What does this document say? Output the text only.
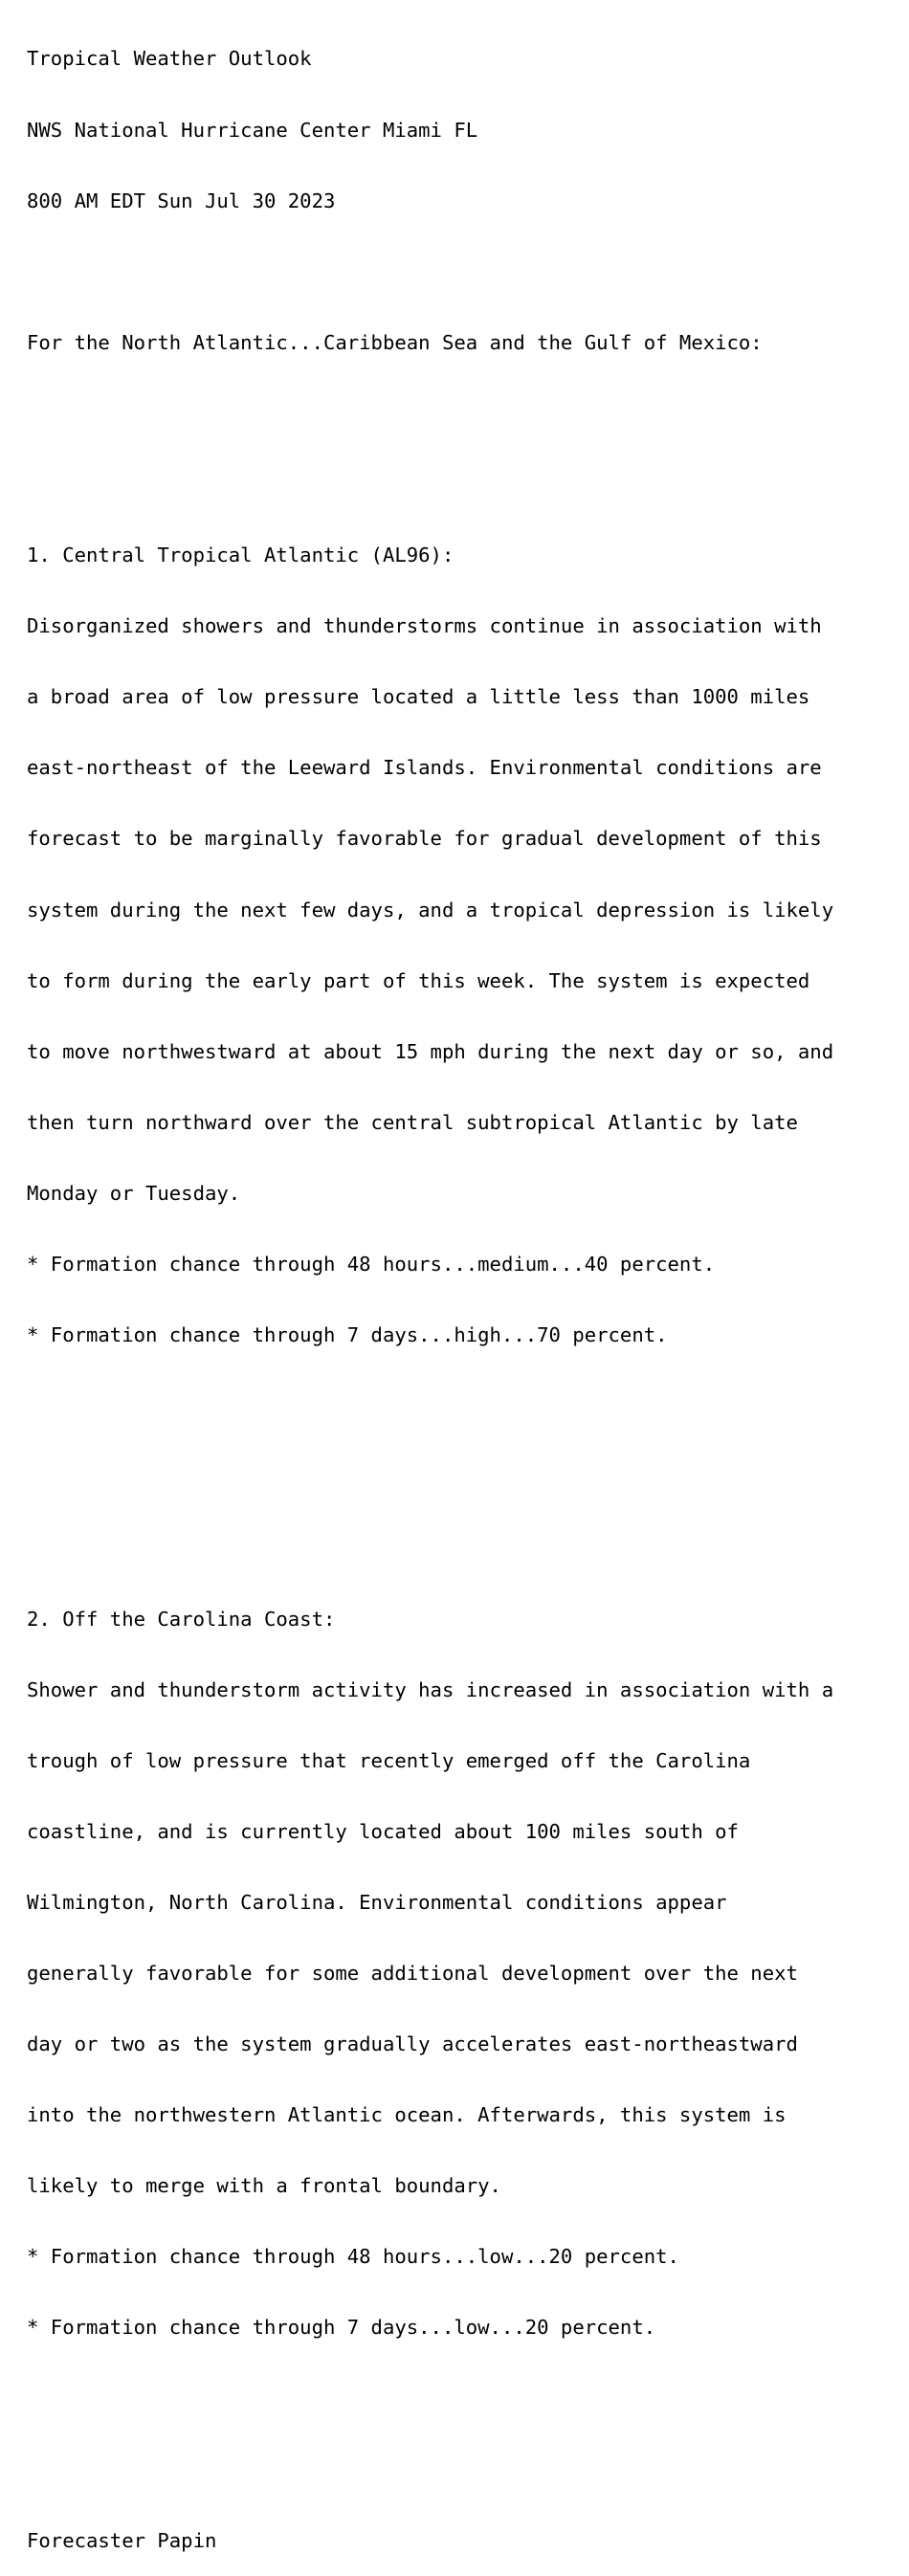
Tropical Weather Outlook

NWS National Hurricane Center Miami FL

800 AM EDT Sun Jul 30 2023

For the North Atlantic...Caribbean Sea and the Gulf of Mexico:

1. Central Tropical Atlantic (AL96):

Disorganized showers and thunderstorms continue in association with

a broad area of low pressure located a little less than 1000 miles

east-northeast of the Leeward Islands. Environmental conditions are

forecast to be marginally favorable for gradual development of this

system during the next few days, and a tropical depression is likely

to form during the early part of this week. The system is expected

to move northwestward at about 15 mph during the next day or so, and

then turn northward over the central subtropical Atlantic by late

Monday or Tuesday.

* Formation chance through 48 hours...medium...40 percent.

* Formation chance through 7 days...high...70 percent.

2. Off the Carolina Coast:

Shower and thunderstorm activity has increased in association with a

trough of low pressure that recently emerged off the Carolina

coastline, and is currently located about 100 miles south of

Wilmington, North Carolina. Environmental conditions appear

generally favorable for some additional development over the next

day or two as the system gradually accelerates east-northeastward

into the northwestern Atlantic ocean. Afterwards, this system is

likely to merge with a frontal boundary.

* Formation chance through 48 hours...low...20 percent.

* Formation chance through 7 days...low...20 percent.

Forecaster Papin
